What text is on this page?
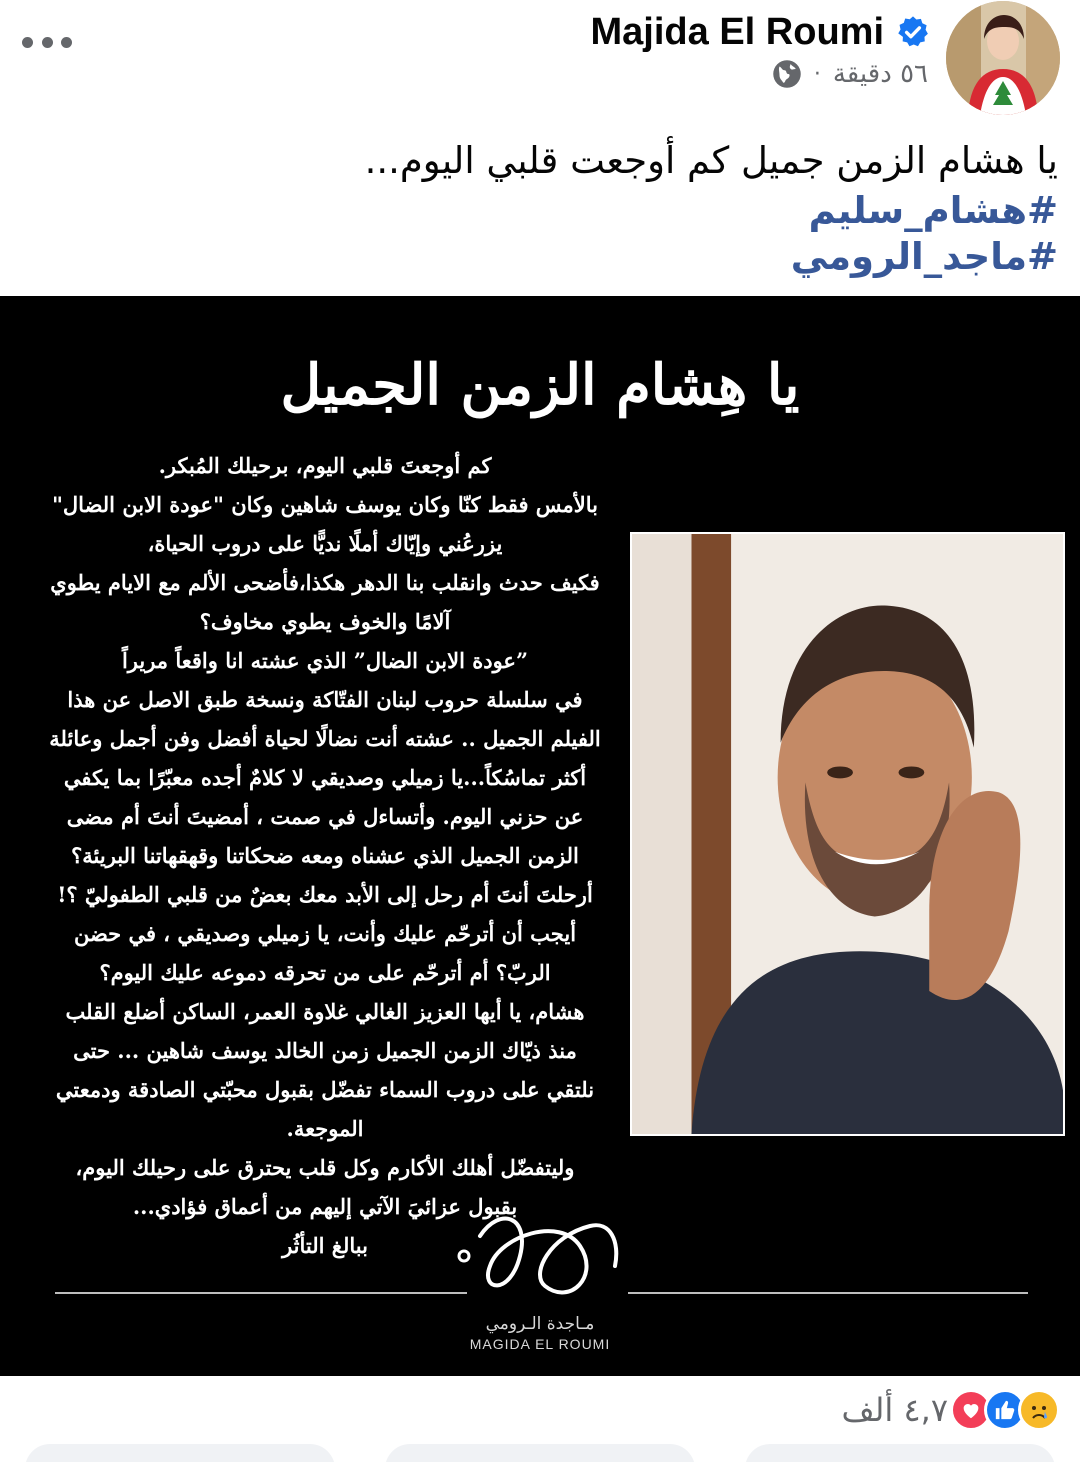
Majida El Roumi
٥٦ دقيقة
·
يا هشام الزمن جميل كم أوجعت قلبي اليوم...
#هشام_سليم
#ماجد_الرومي
يا هِشام الزمن الجميل

كم أوجعتَ قلبي اليوم، برحيلك المُبكر.

بالأمس فقط كنّا وكان يوسف شاهين وكان "عودة الابن الضال"

يزرعُني وإيّاك أملًا نديًّا على دروب الحياة،

فكيف حدث وانقلب بنا الدهر هكذا،فأضحى الألم مع الايام يطوي

آلامًا والخوف يطوي مخاوف؟

”عودة الابن الضال” الذي عشته انا واقعاً مريراً

في سلسلة حروب لبنان الفتّاكة ونسخة طبق الاصل عن هذا

الفيلم الجميل .. عشته أنت نضالًا لحياة أفضل وفن أجمل وعائلة

أكثر تماسُكاً...يا زميلي وصديقي لا كلامٌ أجده معبّرًا بما يكفي

عن حزني اليوم. وأتساءل في صمت ، أمضيتَ أنتَ أم مضى

الزمن الجميل الذي عشناه ومعه ضحكاتنا وقهقهاتنا البريئة؟

أرحلتَ أنتَ أم رحل إلى الأبد معك بعضٌ من قلبي الطفوليّ ؟!

أيجب أن أترحّم عليك وأنت، يا زميلي وصديقي ، في حضن

الربّ؟ أم أترحّم على من تحرقه دموعه عليك اليوم؟

هشام، يا أيها العزيز الغالي غلاوة العمر، الساكن أضلع القلب

منذ ذيّاك الزمن الجميل زمن الخالد يوسف شاهين ... حتى

نلتقي على دروب السماء تفضّل بقبول محبّتي الصادقة ودمعتي

الموجعة.

وليتفضّل أهلك الأكارم وكل قلب يحترق على رحيلك اليوم،

بقبول عزائيَ الآتي إليهم من أعماق فؤادي...

ببالغ التأثُر

مـاجدة الـرومي
MAGIDA EL ROUMI
٤,٧ ألف
